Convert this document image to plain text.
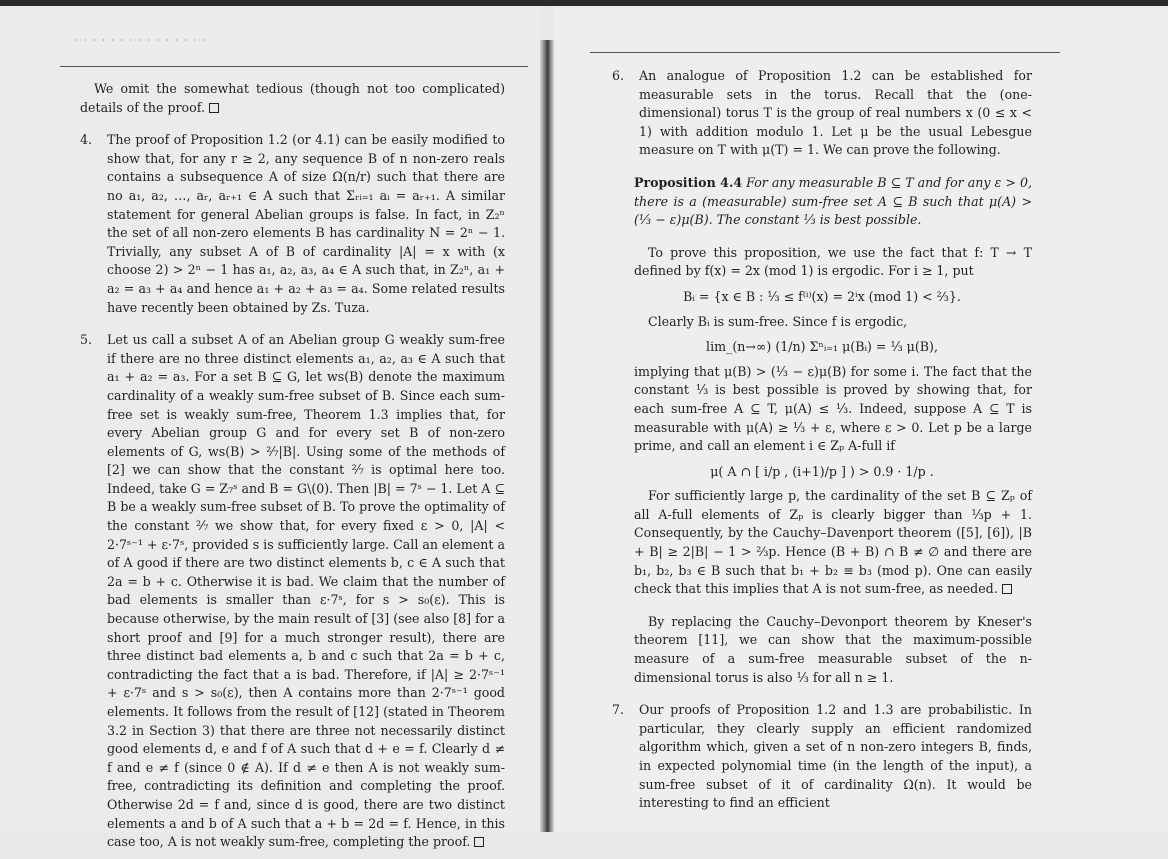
· · · · · · · · · · · · · · ·

We omit the somewhat tedious (though not too complicated) details of the proof.

4. The proof of Proposition 1.2 (or 4.1) can be easily modified to show that, for any r ≥ 2, any sequence B of n non-zero reals contains a subsequence A of size Ω(n/r) such that there are no a₁, a₂, …, aᵣ, aᵣ₊₁ ∈ A such that Σᵣᵢ₌₁ aᵢ = aᵣ₊₁. A similar statement for general Abelian groups is false. In fact, in Z₂ⁿ the set of all non-zero elements B has cardinality N = 2ⁿ − 1. Trivially, any subset A of B of cardinality |A| = x with (x choose 2) > 2ⁿ − 1 has a₁, a₂, a₃, a₄ ∈ A such that, in Z₂ⁿ, a₁ + a₂ = a₃ + a₄ and hence a₁ + a₂ + a₃ = a₄. Some related results have recently been obtained by Zs. Tuza.

5. Let us call a subset A of an Abelian group G weakly sum-free if there are no three distinct elements a₁, a₂, a₃ ∈ A such that a₁ + a₂ = a₃. For a set B ⊆ G, let ws(B) denote the maximum cardinality of a weakly sum-free subset of B. Since each sum-free set is weakly sum-free, Theorem 1.3 implies that, for every Abelian group G and for every set B of non-zero elements of G, ws(B) > ²⁄₇|B|. Using some of the methods of [2] we can show that the constant ²⁄₇ is optimal here too. Indeed, take G = Z₇ˢ and B = G\(0). Then |B| = 7ˢ − 1. Let A ⊆ B be a weakly sum-free subset of B. To prove the optimality of the constant ²⁄₇ we show that, for every fixed ε > 0, |A| < 2·7ˢ⁻¹ + ε·7ˢ, provided s is sufficiently large. Call an element a of A good if there are two distinct elements b, c ∈ A such that 2a = b + c. Otherwise it is bad. We claim that the number of bad elements is smaller than ε·7ˢ, for s > s₀(ε). This is because otherwise, by the main result of [3] (see also [8] for a short proof and [9] for a much stronger result), there are three distinct bad elements a, b and c such that 2a = b + c, contradicting the fact that a is bad. Therefore, if |A| ≥ 2·7ˢ⁻¹ + ε·7ˢ and s > s₀(ε), then A contains more than 2·7ˢ⁻¹ good elements. It follows from the result of [12] (stated in Theorem 3.2 in Section 3) that there are three not necessarily distinct good elements d, e and f of A such that d + e = f. Clearly d ≠ f and e ≠ f (since 0 ∉ A). If d ≠ e then A is not weakly sum-free, contradicting its definition and completing the proof. Otherwise 2d = f and, since d is good, there are two distinct elements a and b of A such that a + b = 2d = f. Hence, in this case too, A is not weakly sum-free, completing the proof.

6. An analogue of Proposition 1.2 can be established for measurable sets in the torus. Recall that the (one-dimensional) torus T is the group of real numbers x (0 ≤ x < 1) with addition modulo 1. Let μ be the usual Lebesgue measure on T with μ(T) = 1. We can prove the following.

Proposition 4.4 For any measurable B ⊆ T and for any ε > 0, there is a (measurable) sum-free set A ⊆ B such that μ(A) > (⅓ − ε)μ(B). The constant ⅓ is best possible.

To prove this proposition, we use the fact that f: T → T defined by f(x) = 2x (mod 1) is ergodic. For i ≥ 1, put

Bᵢ = {x ∈ B : ⅓ ≤ f⁽ⁱ⁾(x) = 2ⁱx (mod 1) < ⅔}.

Clearly Bᵢ is sum-free. Since f is ergodic,

lim_(n→∞) (1/n) Σⁿᵢ₌₁ μ(Bᵢ) = ⅓ μ(B),

implying that μ(B) > (⅓ − ε)μ(B) for some i. The fact that the constant ⅓ is best possible is proved by showing that, for each sum-free A ⊆ T, μ(A) ≤ ⅓. Indeed, suppose A ⊆ T is measurable with μ(A) ≥ ⅓ + ε, where ε > 0. Let p be a large prime, and call an element i ∈ Zₚ A-full if

μ( A ∩ [ i/p , (i+1)/p ] ) > 0.9 · 1/p .

For sufficiently large p, the cardinality of the set B ⊆ Zₚ of all A-full elements of Zₚ is clearly bigger than ⅓p + 1. Consequently, by the Cauchy–Davenport theorem ([5], [6]), |B + B| ≥ 2|B| − 1 > ⅔p. Hence (B + B) ∩ B ≠ ∅ and there are b₁, b₂, b₃ ∈ B such that b₁ + b₂ ≡ b₃ (mod p). One can easily check that this implies that A is not sum-free, as needed.

By replacing the Cauchy–Devonport theorem by Kneser's theorem [11], we can show that the maximum-possible measure of a sum-free measurable subset of the n-dimensional torus is also ⅓ for all n ≥ 1.

7. Our proofs of Proposition 1.2 and 1.3 are probabilistic. In particular, they clearly supply an efficient randomized algorithm which, given a set of n non-zero integers B, finds, in expected polynomial time (in the length of the input), a sum-free subset of it of cardinality Ω(n). It would be interesting to find an efficient
